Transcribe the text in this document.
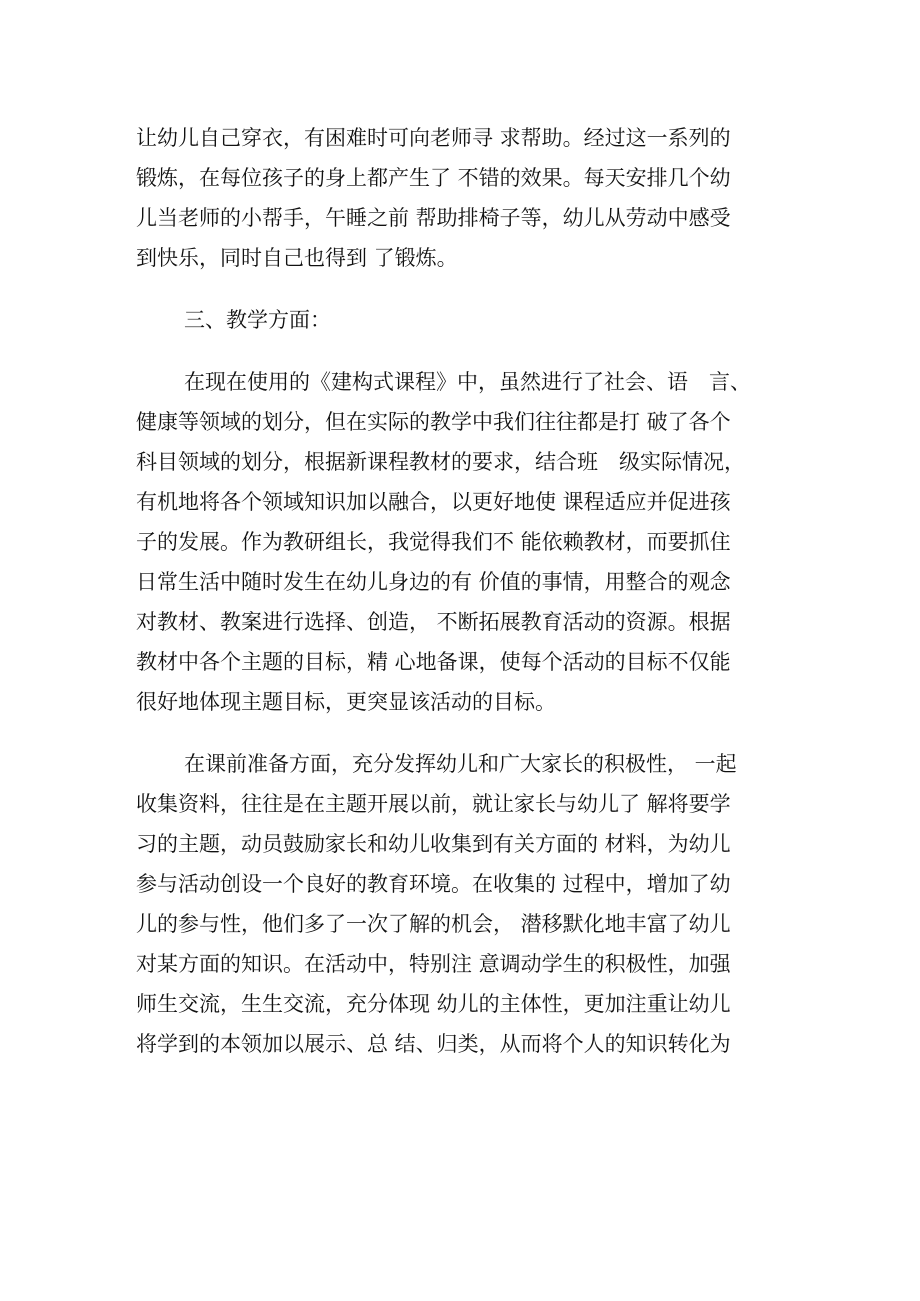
让幼儿自己穿衣，有困难时可向老师寻 求帮助。经过这一系列的
锻炼，在每位孩子的身上都产生了 不错的效果。每天安排几个幼
儿当老师的小帮手，午睡之前 帮助排椅子等，幼儿从劳动中感受
到快乐，同时自己也得到 了锻炼。
三、教学方面：
在现在使用的《建构式课程》中，虽然进行了社会、语　言、
健康等领域的划分，但在实际的教学中我们往往都是打 破了各个
科目领域的划分，根据新课程教材的要求，结合班　级实际情况，
有机地将各个领域知识加以融合，以更好地使 课程适应并促进孩
子的发展。作为教研组长，我觉得我们不 能依赖教材，而要抓住
日常生活中随时发生在幼儿身边的有 价值的事情，用整合的观念
对教材、教案进行选择、创造， 不断拓展教育活动的资源。根据
教材中各个主题的目标，精 心地备课，使每个活动的目标不仅能
很好地体现主题目标，更突显该活动的目标。
在课前准备方面，充分发挥幼儿和广大家长的积极性， 一起
收集资料，往往是在主题开展以前，就让家长与幼儿了 解将要学
习的主题，动员鼓励家长和幼儿收集到有关方面的 材料，为幼儿
参与活动创设一个良好的教育环境。在收集的 过程中，增加了幼
儿的参与性，他们多了一次了解的机会， 潜移默化地丰富了幼儿
对某方面的知识。在活动中，特别注 意调动学生的积极性，加强
师生交流，生生交流，充分体现 幼儿的主体性，更加注重让幼儿
将学到的本领加以展示、总 结、归类，从而将个人的知识转化为
